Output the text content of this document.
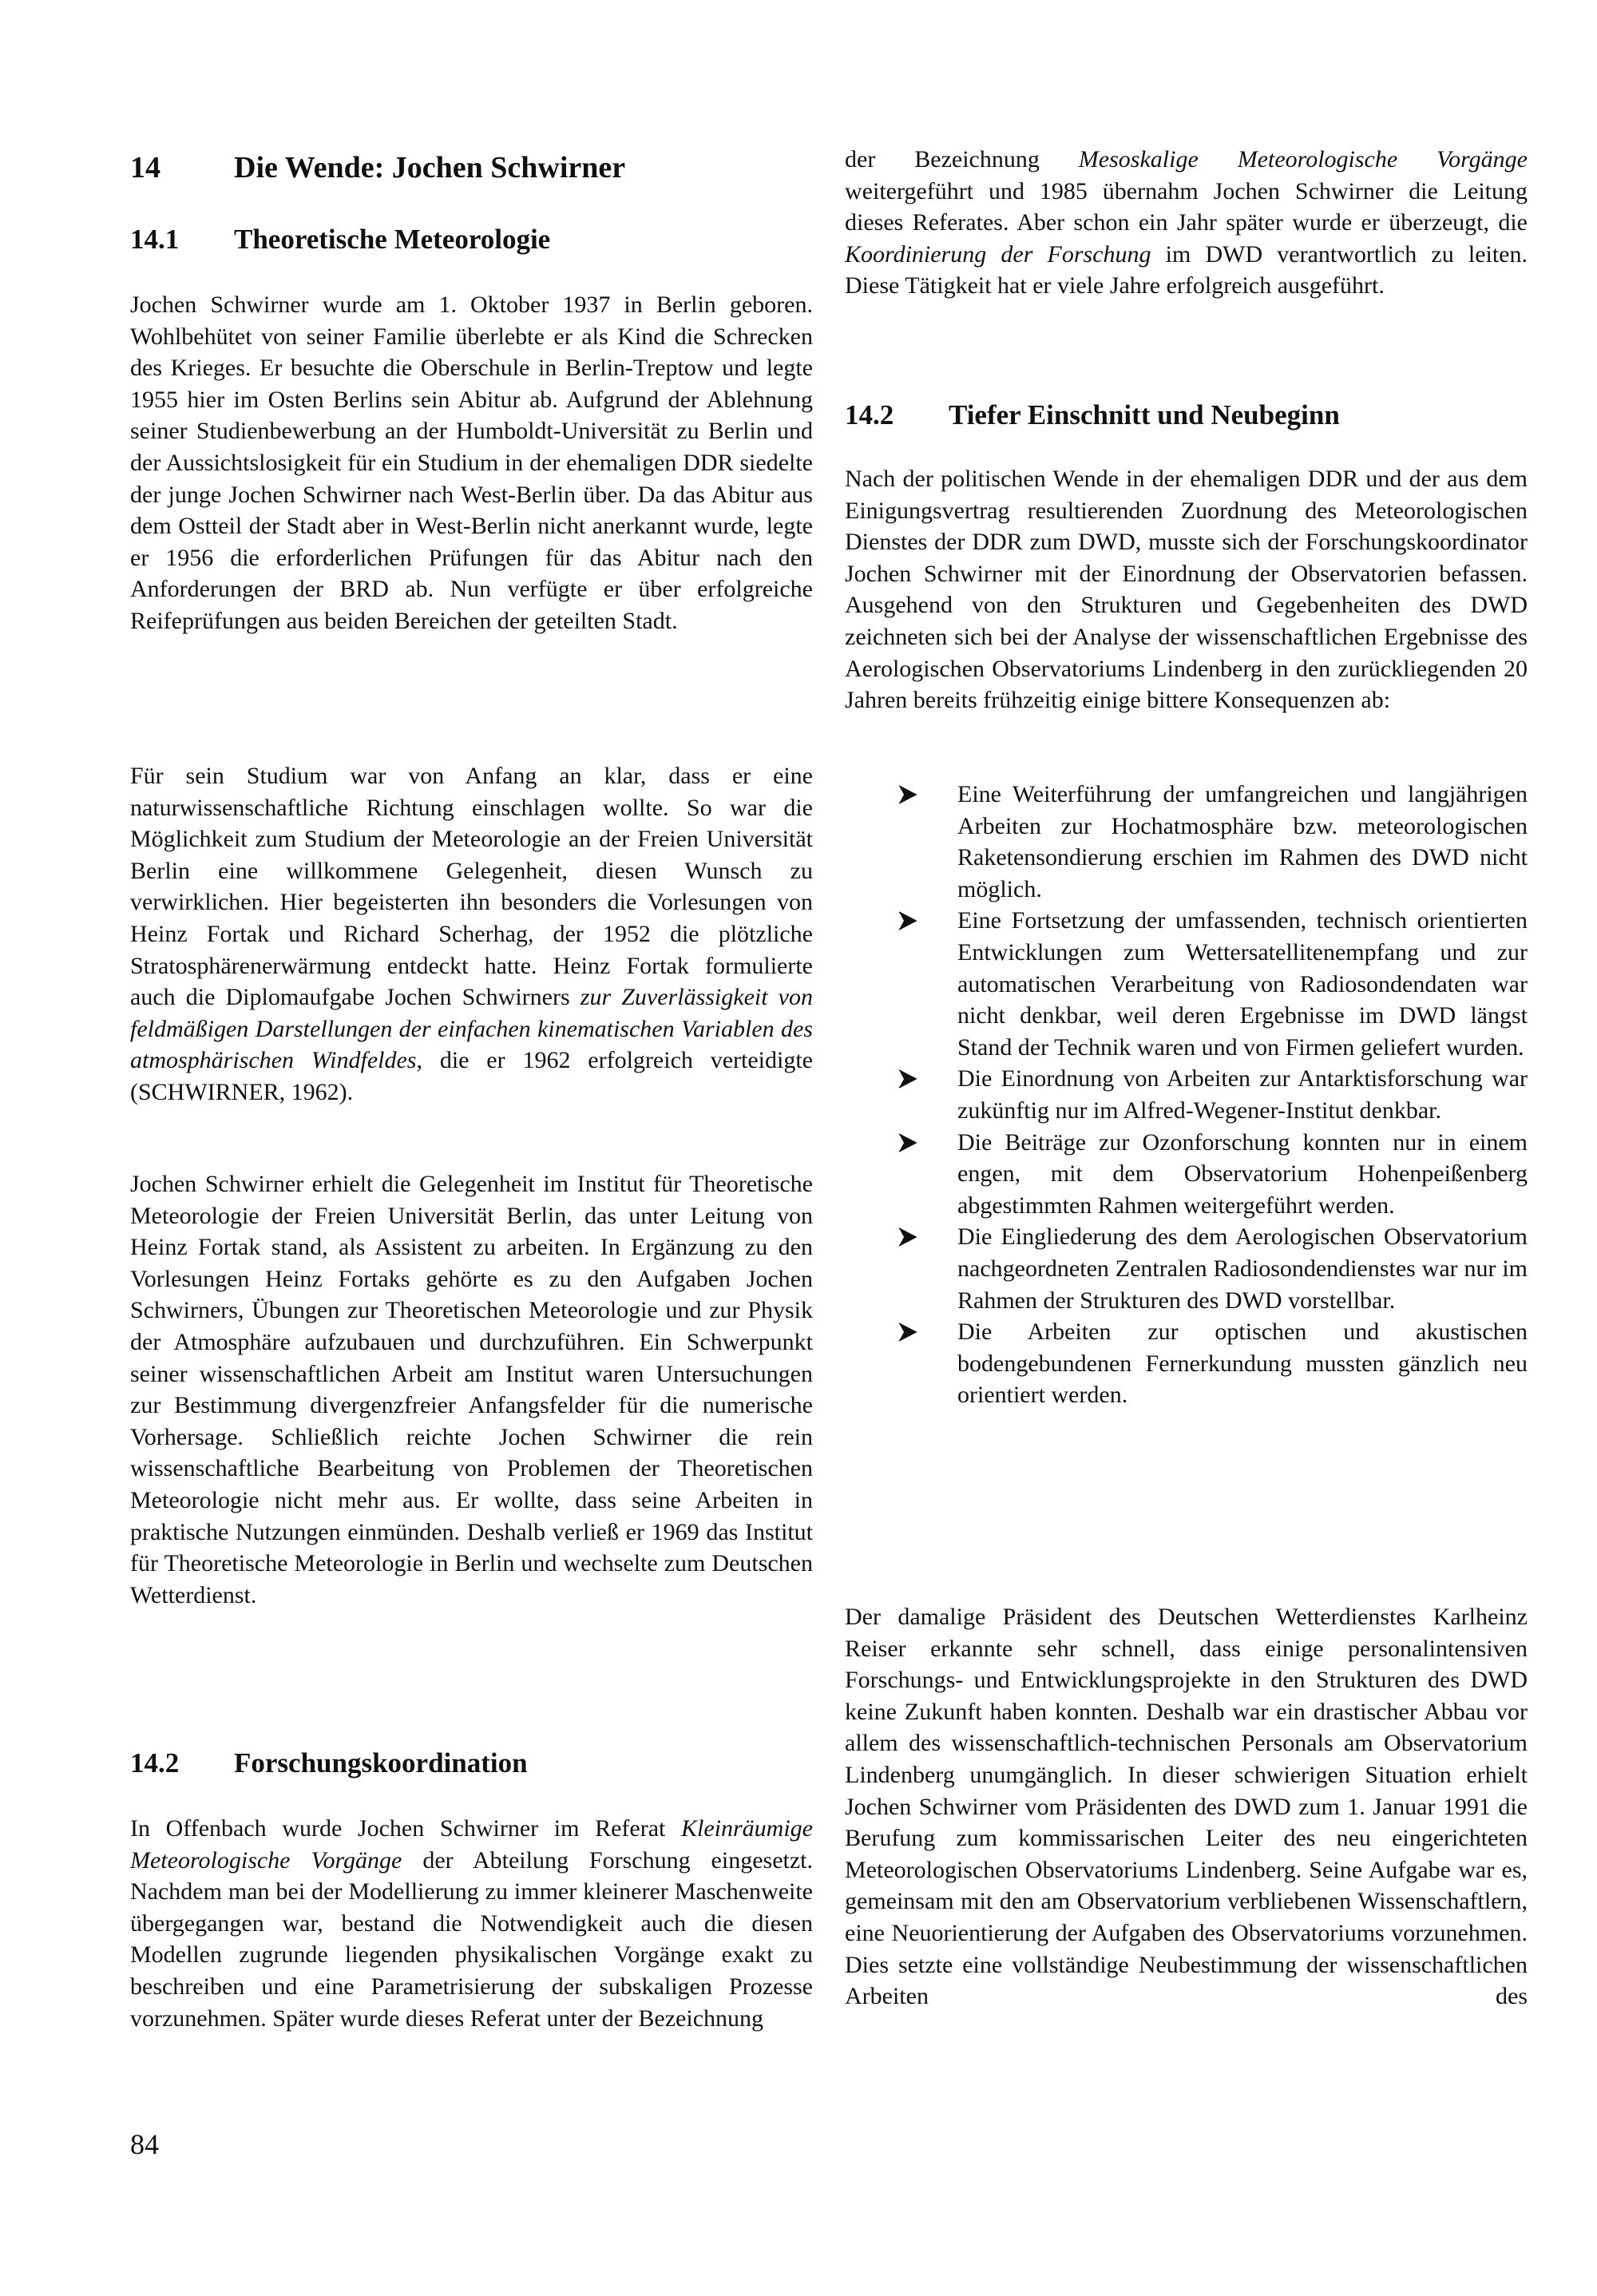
14	Die Wende: Jochen Schwirner
14.1	Theoretische Meteorologie

Jochen Schwirner wurde am 1. Oktober 1937 in Berlin geboren. Wohlbehütet von seiner Familie überlebte er als Kind die Schrecken des Krieges. Er besuchte die Oberschule in Berlin-Treptow und legte 1955 hier im Osten Berlins sein Abitur ab. Aufgrund der Ablehnung seiner Studienbewerbung an der Humboldt-Universität zu Berlin und der Aussichtslosigkeit für ein Studium in der ehemaligen DDR siedelte der junge Jochen Schwirner nach West-Berlin über. Da das Abitur aus dem Ostteil der Stadt aber in West-Berlin nicht anerkannt wurde, legte er 1956 die erforderlichen Prüfungen für das Abitur nach den Anforderungen der BRD ab. Nun verfügte er über erfolgreiche Reifeprüfungen aus beiden Bereichen der geteilten Stadt.

Für sein Studium war von Anfang an klar, dass er eine naturwissenschaftliche Richtung einschlagen wollte. So war die Möglichkeit zum Studium der Meteorologie an der Freien Universität Berlin eine willkommene Gelegenheit, diesen Wunsch zu verwirklichen. Hier begeisterten ihn besonders die Vorlesungen von Heinz Fortak und Richard Scherhag, der 1952 die plötzliche Stratosphärenerwärmung entdeckt hatte. Heinz Fortak formulierte auch die Diplomaufgabe Jochen Schwirners zur Zuverlässigkeit von feldmäßigen Darstellungen der einfachen kinematischen Variablen des atmosphärischen Windfeldes, die er 1962 erfolgreich verteidigte (SCHWIRNER, 1962).

Jochen Schwirner erhielt die Gelegenheit im Institut für Theoretische Meteorologie der Freien Universität Berlin, das unter Leitung von Heinz Fortak stand, als Assistent zu arbeiten. In Ergänzung zu den Vorlesungen Heinz Fortaks gehörte es zu den Aufgaben Jochen Schwirners, Übungen zur Theoretischen Meteorologie und zur Physik der Atmosphäre aufzubauen und durchzuführen. Ein Schwerpunkt seiner wissenschaftlichen Arbeit am Institut waren Untersuchungen zur Bestimmung divergenzfreier Anfangsfelder für die numerische Vorhersage. Schließlich reichte Jochen Schwirner die rein wissenschaftliche Bearbeitung von Problemen der Theoretischen Meteorologie nicht mehr aus. Er wollte, dass seine Arbeiten in praktische Nutzungen einmünden. Deshalb verließ er 1969 das Institut für Theoretische Meteorologie in Berlin und wechselte zum Deutschen Wetterdienst.

14.2	Forschungskoordination

In Offenbach wurde Jochen Schwirner im Referat Kleinräumige Meteorologische Vorgänge der Abteilung Forschung eingesetzt. Nachdem man bei der Modellierung zu immer kleinerer Maschenweite übergegangen war, bestand die Notwendigkeit auch die diesen Modellen zugrunde liegenden physikalischen Vorgänge exakt zu beschreiben und eine Parametrisierung der subskaligen Prozesse vorzunehmen. Später wurde dieses Referat unter der Bezeichnung

der Bezeichnung Mesoskalige Meteorologische Vorgänge weitergeführt und 1985 übernahm Jochen Schwirner die Leitung dieses Referates. Aber schon ein Jahr später wurde er überzeugt, die Koordinierung der Forschung im DWD verantwortlich zu leiten. Diese Tätigkeit hat er viele Jahre erfolgreich ausgeführt.

14.2	Tiefer Einschnitt und Neubeginn

Nach der politischen Wende in der ehemaligen DDR und der aus dem Einigungsvertrag resultierenden Zuordnung des Meteorologischen Dienstes der DDR zum DWD, musste sich der Forschungskoordinator Jochen Schwirner mit der Einordnung der Observatorien befassen. Ausgehend von den Strukturen und Gegebenheiten des DWD zeichneten sich bei der Analyse der wissenschaftlichen Ergebnisse des Aerologischen Observatoriums Lindenberg in den zurückliegenden 20 Jahren bereits frühzeitig einige bittere Konsequenzen ab:

Eine Weiterführung der umfangreichen und langjährigen Arbeiten zur Hochatmosphäre bzw. meteorologischen Raketensondierung erschien im Rahmen des DWD nicht möglich.
Eine Fortsetzung der umfassenden, technisch orientierten Entwicklungen zum Wettersatellitenempfang und zur automatischen Verarbeitung von Radiosondendaten war nicht denkbar, weil deren Ergebnisse im DWD längst Stand der Technik waren und von Firmen geliefert wurden.
Die Einordnung von Arbeiten zur Antarktisforschung war zukünftig nur im Alfred-Wegener-Institut denkbar.
Die Beiträge zur Ozonforschung konnten nur in einem engen, mit dem Observatorium Hohenpeißenberg abgestimmten Rahmen weitergeführt werden.
Die Eingliederung des dem Aerologischen Observatorium nachgeordneten Zentralen Radiosondendienstes war nur im Rahmen der Strukturen des DWD vorstellbar.
Die Arbeiten zur optischen und akustischen bodengebundenen Fernerkundung mussten gänzlich neu orientiert werden.

Der damalige Präsident des Deutschen Wetterdienstes Karlheinz Reiser erkannte sehr schnell, dass einige personalintensiven Forschungs- und Entwicklungsprojekte in den Strukturen des DWD keine Zukunft haben konnten. Deshalb war ein drastischer Abbau vor allem des wissenschaftlich-technischen Personals am Observatorium Lindenberg unumgänglich. In dieser schwierigen Situation erhielt Jochen Schwirner vom Präsidenten des DWD zum 1. Januar 1991 die Berufung zum kommissarischen Leiter des neu eingerichteten Meteorologischen Observatoriums Lindenberg. Seine Aufgabe war es, gemeinsam mit den am Observatorium verbliebenen Wissenschaftlern, eine Neuorientierung der Aufgaben des Observatoriums vorzunehmen. Dies setzte eine vollständige Neubestimmung der wissenschaftlichen Arbeiten des

84
